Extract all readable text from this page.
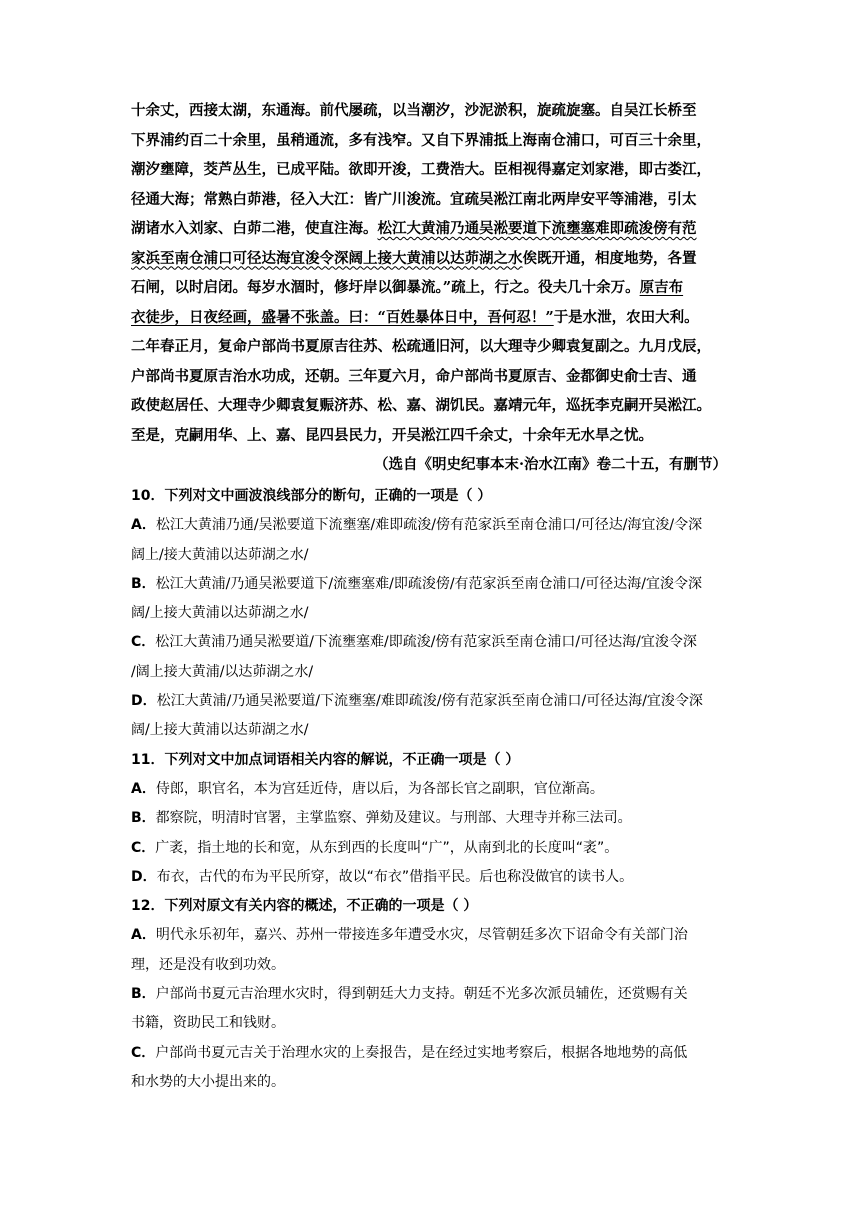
十余丈，西接太湖，东通海。前代屡疏，以当潮汐，沙泥淤积，旋疏旋塞。自吴江长桥至
下界浦约百二十余里，虽稍通流，多有浅窄。又自下界浦抵上海南仓浦口，可百三十余里，
潮汐壅障，茭芦丛生，已成平陆。欲即开浚，工费浩大。臣相视得嘉定刘家港，即古娄江，
径通大海；常熟白茆港，径入大江：皆广川浚流。宜疏吴淞江南北两岸安平等浦港，引太
湖诸水入刘家、白茆二港，使直注海。松江大黄浦乃通吴淞要道下流壅塞难即疏浚傍有范
家浜至南仓浦口可径达海宜浚令深阔上接大黄浦以达茆湖之水俟既开通，相度地势，各置
石闸，以时启闭。每岁水涸时，修圩岸以御暴流。”疏上，行之。役夫几十余万。原吉布
衣徒步，日夜经画，盛暑不张盖。曰：“百姓暴体日中，吾何忍！”于是水泄，农田大利。
二年春正月，复命户部尚书夏原吉往苏、松疏通旧河，以大理寺少卿袁复副之。九月戊辰，
户部尚书夏原吉治水功成，还朝。三年夏六月，命户部尚书夏原吉、金都御史俞士吉、通
政使赵居任、大理寺少卿袁复赈济苏、松、嘉、湖饥民。嘉靖元年，巡抚李克嗣开吴淞江。
至是，克嗣用华、上、嘉、昆四县民力，开吴淞江四千余丈，十余年无水旱之忧。
（选自《明史纪事本末·治水江南》卷二十五，有删节）
10．下列对文中画波浪线部分的断句，正确的一项是（ ）
A．松江大黄浦乃通/吴淞要道下流壅塞/难即疏浚/傍有范家浜至南仓浦口/可径达/海宜浚/令深
阔上/接大黄浦以达茆湖之水/
B．松江大黄浦/乃通吴淞要道下/流壅塞难/即疏浚傍/有范家浜至南仓浦口/可径达海/宜浚令深
阔/上接大黄浦以达茆湖之水/
C．松江大黄浦乃通吴淞要道/下流壅塞难/即疏浚/傍有范家浜至南仓浦口/可径达海/宜浚令深
/阔上接大黄浦/以达茆湖之水/
D．松江大黄浦/乃通吴淞要道/下流壅塞/难即疏浚/傍有范家浜至南仓浦口/可径达海/宜浚令深
阔/上接大黄浦以达茆湖之水/
11．下列对文中加点词语相关内容的解说，不正确一项是（ ）
A．侍郎，职官名，本为宫廷近侍，唐以后，为各部长官之副职，官位渐高。
B．都察院，明清时官署，主掌监察、弹劾及建议。与刑部、大理寺并称三法司。
C．广袤，指土地的长和宽，从东到西的长度叫“广”，从南到北的长度叫“袤”。
D．布衣，古代的布为平民所穿，故以“布衣”借指平民。后也称没做官的读书人。
12．下列对原文有关内容的概述，不正确的一项是（ ）
A．明代永乐初年，嘉兴、苏州一带接连多年遭受水灾，尽管朝廷多次下诏命令有关部门治
理，还是没有收到功效。
B．户部尚书夏元吉治理水灾时，得到朝廷大力支持。朝廷不光多次派员辅佐，还赏赐有关
书籍，资助民工和钱财。
C．户部尚书夏元吉关于治理水灾的上奏报告，是在经过实地考察后，根据各地地势的高低
和水势的大小提出来的。
